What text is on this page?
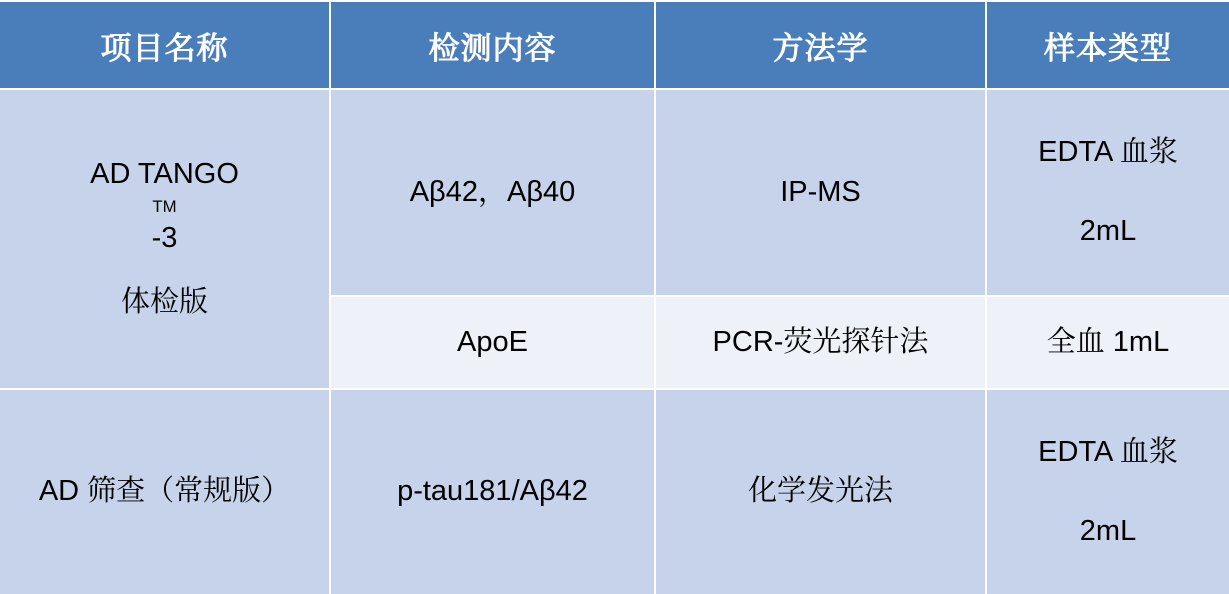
项目名称	检测内容	方法学	样本类型

AD TANGO
TM
-3
体检版	Aβ42，Aβ40	IP-MS	EDTA 血浆
2mL

	ApoE	PCR-荧光探针法	全血 1mL
AD 筛查（常规版）	p-tau181/Aβ42	化学发光法	EDTA 血浆
2mL
